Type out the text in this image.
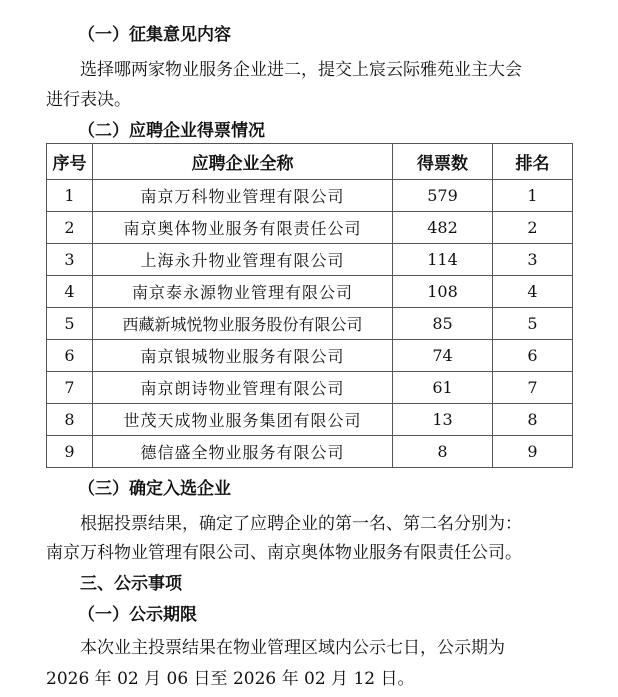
（一）征集意见内容
选择哪两家物业服务企业进二，提交上宸云际雅苑业主大会
进行表决。
（二）应聘企业得票情况
序号	应聘企业全称	得票数	排名
1	南京万科物业管理有限公司	579	1
2	南京奥体物业服务有限责任公司	482	2
3	上海永升物业管理有限公司	114	3
4	南京泰永源物业管理有限公司	108	4
5	西藏新城悦物业服务股份有限公司	85	5
6	南京银城物业服务有限公司	74	6
7	南京朗诗物业管理有限公司	61	7
8	世茂天成物业服务集团有限公司	13	8
9	德信盛全物业服务有限公司	8	9
（三）确定入选企业
根据投票结果，确定了应聘企业的第一名、第二名分别为：
南京万科物业管理有限公司、南京奥体物业服务有限责任公司。
三、公示事项
（一）公示期限
本次业主投票结果在物业管理区域内公示七日，公示期为
2026 年 02 月 06 日至 2026 年 02 月 12 日。
